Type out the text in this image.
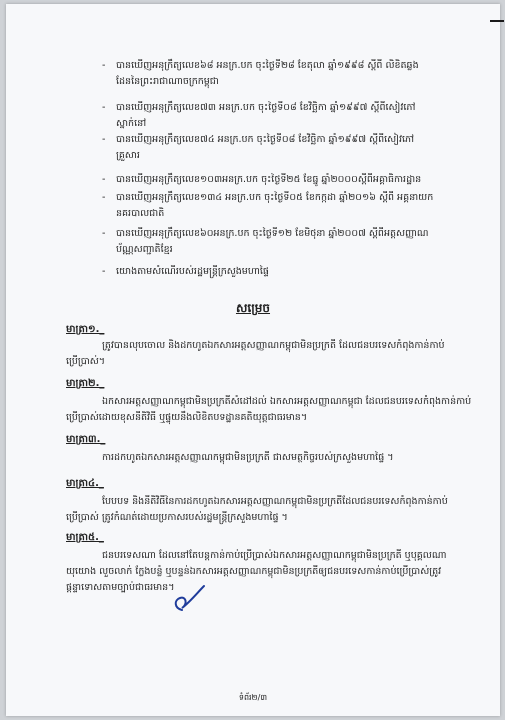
- បានឃើញអនុក្រឹត្យលេខ៦៨ អនក្រ.បក ចុះថ្ងៃទី២៨ ខែតុលា ឆ្នាំ១៩៩៨ ស្ដីពី លិខិតឆ្លង
ដែននៃព្រះរាជាណាចក្រកម្ពុជា
- បានឃើញអនុក្រឹត្យលេខ៧៣ អនក្រ.បក ចុះថ្ងៃទី០៨ ខែវិច្ឆិកា ឆ្នាំ១៩៩៧ ស្ដីពីសៀវភៅ
ស្នាក់នៅ
- បានឃើញអនុក្រឹត្យលេខ៧៤ អនក្រ.បក ចុះថ្ងៃទី០៨ ខែវិច្ឆិកា ឆ្នាំ១៩៩៧ ស្ដីពីសៀវភៅ
គ្រួសារ
- បានឃើញអនុក្រឹត្យលេខ១០៣អនក្រ.បក ចុះថ្ងៃទី២៥ ខែធ្នូ ឆ្នាំ២០០០ស្ដីពីអគ្គាធិការដ្ឋាន
- បានឃើញអនុក្រឹត្យលេខ១៣៤ អនក្រ.បក ចុះថ្ងៃទី០៥ ខែកក្កដា ឆ្នាំ២០១៦ ស្ដីពី អគ្គនាយក
នគរបាលជាតិ
- បានឃើញអនុក្រឹត្យលេខ៦០អនក្រ.បក ចុះថ្ងៃទី១២ ខែមិថុនា ឆ្នាំ២០០៧ ស្ដីពីអត្តសញ្ញាណ
ប័ណ្ណសញ្ជាតិខ្មែរ
- យោងតាមសំណើរបស់រដ្ឋមន្ត្រីក្រសួងមហាផ្ទៃ
សម្រេច
មាត្រា១._
ត្រូវបានលុបចោល និងដកហូតឯកសារអត្តសញ្ញាណកម្ពុជាមិនប្រក្រតី ដែលជនបរទេសកំពុងកាន់កាប់
ប្រើប្រាស់។
មាត្រា២._
ឯកសារអត្តសញ្ញាណកម្ពុជាមិនប្រក្រតីសំដៅដល់ ឯកសារអត្តសញ្ញាណកម្ពុជា ដែលជនបរទេសកំពុងកាន់កាប់
ប្រើប្រាស់ដោយខុសនីតិវិធី ឬផ្ទុយនឹងលិខិតបទដ្ឋានគតិយុត្តជាធរមាន។
មាត្រា៣._
ការដកហូតឯកសារអត្តសញ្ញាណកម្ពុជាមិនប្រក្រតី ជាសមត្ថកិច្ចរបស់ក្រសួងមហាផ្ទៃ ។
មាត្រា៤._
បែបបទ និងនីតិវិធីនៃការដកហូតឯកសារអត្តសញ្ញាណកម្ពុជាមិនប្រក្រតីដែលជនបរទេសកំពុងកាន់កាប់
ប្រើប្រាស់ ត្រូវកំណត់ដោយប្រកាសរបស់រដ្ឋមន្ត្រីក្រសួងមហាផ្ទៃ ។
មាត្រា៥._
ជនបរទេសណា ដែលនៅតែបន្តកាន់កាប់ប្រើប្រាស់ឯកសារអត្តសញ្ញាណកម្ពុជាមិនប្រក្រតី ឬបុគ្គលណា
យុយោង លួចលាក់ ក្លែងបន្លំ ឬបន្ទន់ឯកសារអត្តសញ្ញាណកម្ពុជាមិនប្រក្រតីឲ្យជនបរទេសកាន់កាប់ប្រើប្រាស់ត្រូវ
ផ្ដន្ទាទោសតាមច្បាប់ជាធរមាន។
ទំព័រ២/៣
